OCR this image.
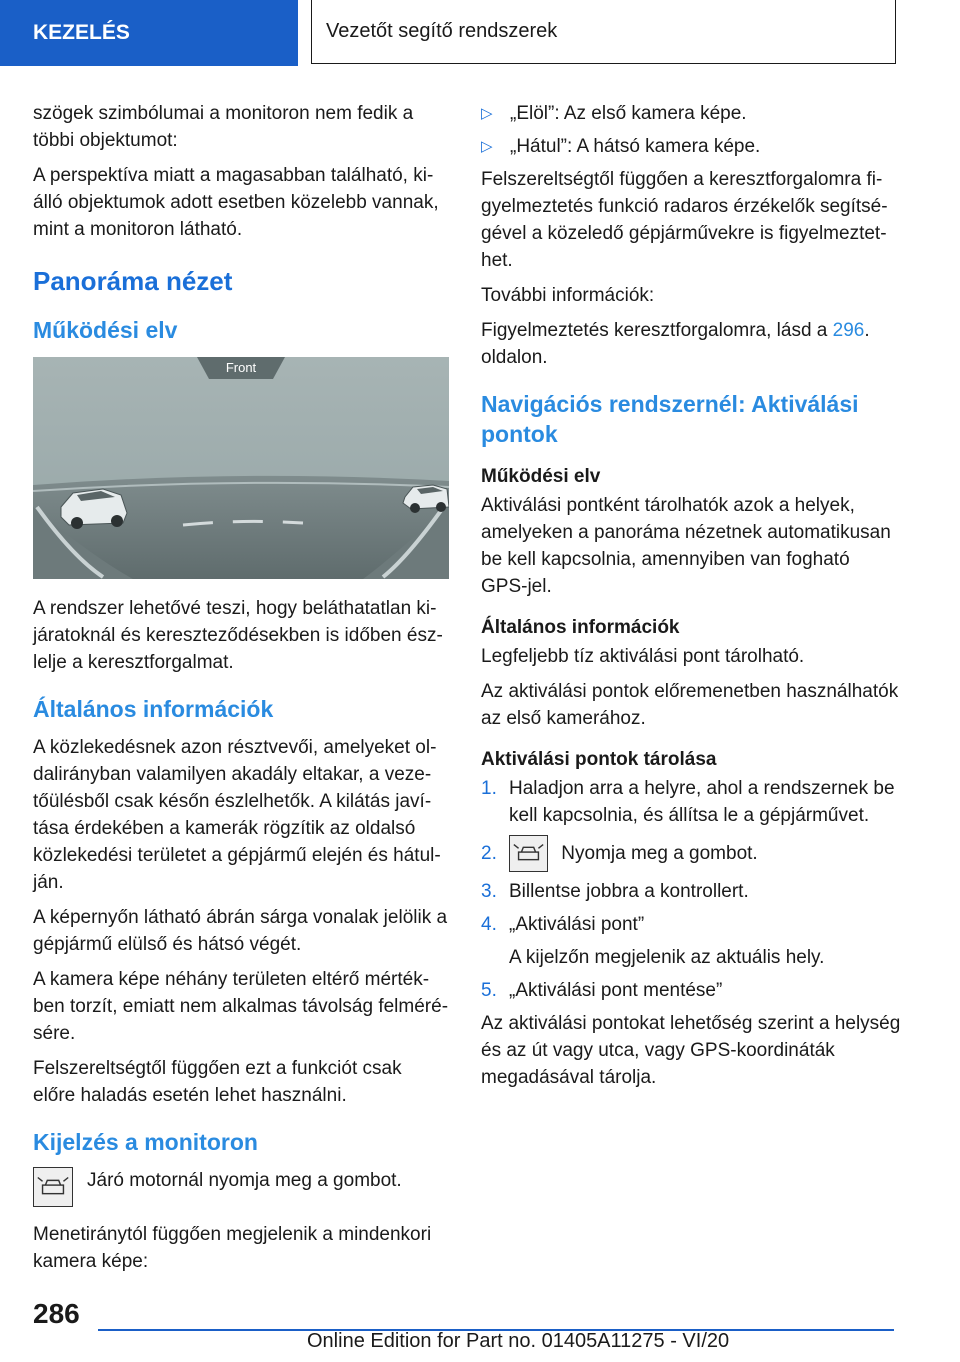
KEZELÉS	Vezetőt segítő rendszerek

szögek szimbólumai a monitoron nem fedik a többi objektumot:

A perspektíva miatt a magasabban található, kiálló objektumok adott esetben közelebb vannak, mint a monitoron látható.

Panoráma nézet
Működési elv
Front

A rendszer lehetővé teszi, hogy beláthatatlan kijáratoknál és kereszteződésekben is időben észlelje a keresztforgalmat.

Általános információk

A közlekedésnek azon résztvevői, amelyeket oldalirányban valamilyen akadály eltakar, a vezetőülésből csak későn észlelhetők. A kilátás javítása érdekében a kamerák rögzítik az oldalsó közlekedési területet a gépjármű elején és hátulján.

A képernyőn látható ábrán sárga vonalak jelölik a gépjármű elülső és hátsó végét.

A kamera képe néhány területen eltérő mértékben torzít, emiatt nem alkalmas távolság felmérésére.

Felszereltségtől függően ezt a funkciót csak előre haladás esetén lehet használni.

Kijelzés a monitoron
Járó motornál nyomja meg a gombot.

Menetiránytól függően megjelenik a mindenkori kamera képe:

▷ „Elöl”: Az első kamera képe.
▷ „Hátul”: A hátsó kamera képe.

Felszereltségtől függően a keresztforgalomra figyelmeztetés funkció radaros érzékelők segítségével a közeledő gépjárművekre is figyelmeztethet.

További információk:

Figyelmeztetés keresztforgalomra, lásd a 296. oldalon.

Navigációs rendszernél: Aktiválási pontok
Működési elv

Aktiválási pontként tárolhatók azok a helyek, amelyeken a panoráma nézetnek automatikusan be kell kapcsolnia, amennyiben van fogható GPS-jel.

Általános információk

Legfeljebb tíz aktiválási pont tárolható.

Az aktiválási pontok előremenetben használhatók az első kamerához.

Aktiválási pontok tárolása
1. Haladjon arra a helyre, ahol a rendszernek be kell kapcsolnia, és állítsa le a gépjárművet.
2.	Nyomja meg a gombot.
3. Billentse jobbra a kontrollert.
4. „Aktiválási pont”
A kijelzőn megjelenik az aktuális hely.
5. „Aktiválási pont mentése”

Az aktiválási pontokat lehetőség szerint a helység és az út vagy utca, vagy GPS-koordináták megadásával tárolja.

286
Online Edition for Part no. 01405A11275 - VI/20
